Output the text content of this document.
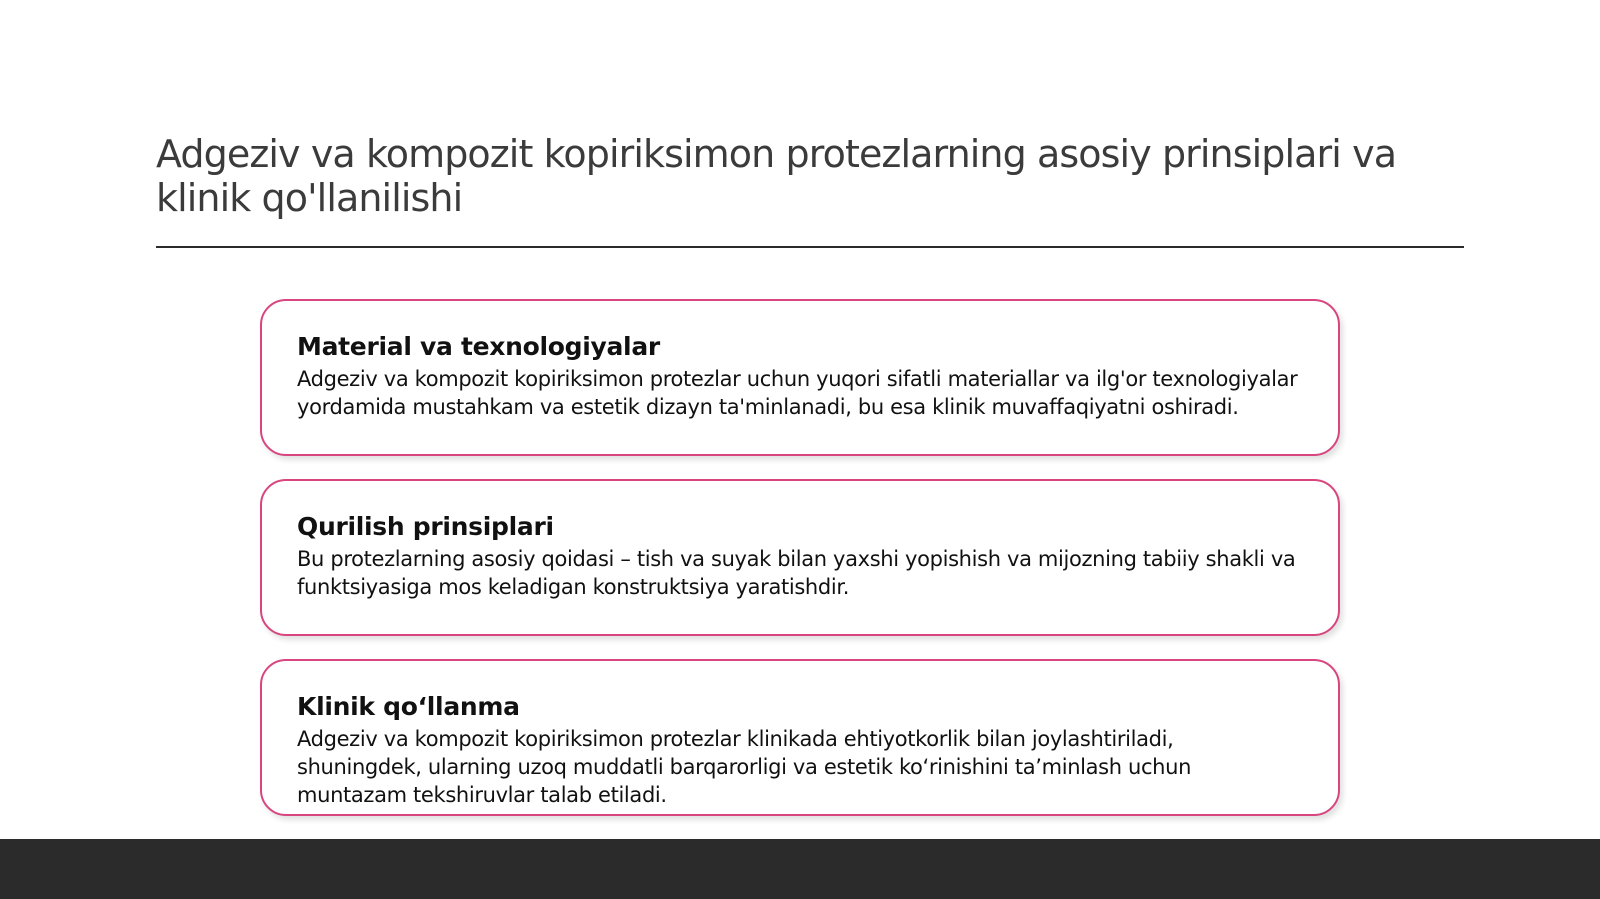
Adgeziv va kompozit kopiriksimon protezlarning asosiy prinsiplari va klinik qo'llanilishi
Material va texnologiyalar

Adgeziv va kompozit kopiriksimon protezlar uchun yuqori sifatli materiallar va ilg'or texnologiyalar yordamida mustahkam va estetik dizayn ta'minlanadi, bu esa klinik muvaffaqiyatni oshiradi.

Qurilish prinsiplari

Bu protezlarning asosiy qoidasi – tish va suyak bilan yaxshi yopishish va mijozning tabiiy shakli va funktsiyasiga mos keladigan konstruktsiya yaratishdir.

Klinik qo‘llanma

Adgeziv va kompozit kopiriksimon protezlar klinikada ehtiyotkorlik bilan joylashtiriladi, shuningdek, ularning uzoq muddatli barqarorligi va estetik ko‘rinishini ta’minlash uchun muntazam tekshiruvlar talab etiladi.
